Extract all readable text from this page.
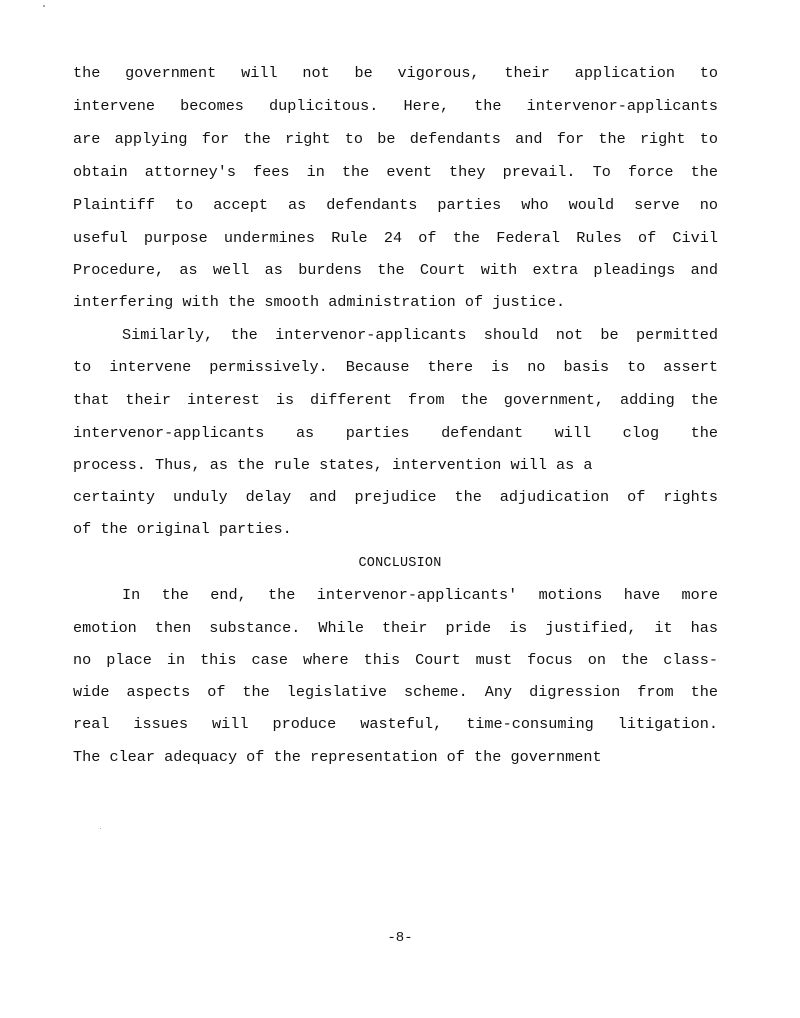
the government will not be vigorous, their application to
intervene becomes duplicitous. Here, the intervenor-applicants
are applying for the right to be defendants and for the right to
obtain attorney's fees in the event they prevail. To force the
Plaintiff to accept as defendants parties who would serve no
useful purpose undermines Rule 24 of the Federal Rules of Civil
Procedure, as well as burdens the Court with extra pleadings and
interfering with the smooth administration of justice.
Similarly, the intervenor-applicants should not be permitted
to intervene permissively. Because there is no basis to assert
that their interest is different from the government, adding the
intervenor-applicants as parties defendant will clog the
process. Thus, as the rule states, intervention will as a
certainty unduly delay and prejudice the adjudication of rights
of the original parties.
CONCLUSION
In the end, the intervenor-applicants' motions have more
emotion then substance. While their pride is justified, it has
no place in this case where this Court must focus on the class-
wide aspects of the legislative scheme. Any digression from the
real issues will produce wasteful, time-consuming litigation.
The clear adequacy of the representation of the government
-8-
